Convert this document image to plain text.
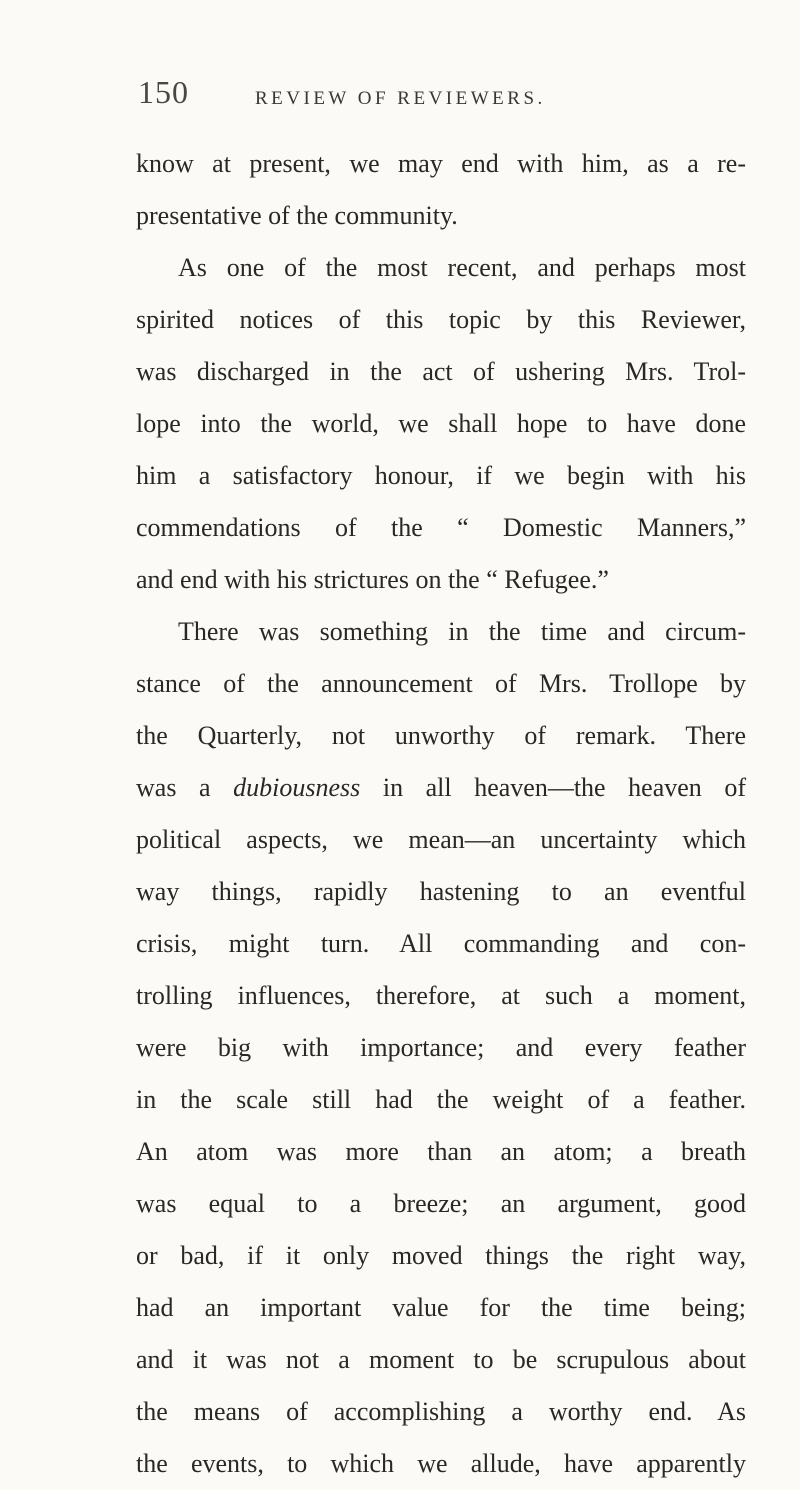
150	REVIEW OF REVIEWERS.
know at present, we may end with him, as a re-
presentative of the community.
As one of the most recent, and perhaps most
spirited notices of this topic by this Reviewer,
was discharged in the act of ushering Mrs. Trol-
lope into the world, we shall hope to have done
him a satisfactory honour, if we begin with his
commendations of the “ Domestic Manners,”
and end with his strictures on the “ Refugee.”
There was something in the time and circum-
stance of the announcement of Mrs. Trollope by
the Quarterly, not unworthy of remark. There
was a dubiousness in all heaven—the heaven of
political aspects, we mean—an uncertainty which
way things, rapidly hastening to an eventful
crisis, might turn. All commanding and con-
trolling influences, therefore, at such a moment,
were big with importance; and every feather
in the scale still had the weight of a feather.
An atom was more than an atom; a breath
was equal to a breeze; an argument, good
or bad, if it only moved things the right way,
had an important value for the time being;
and it was not a moment to be scrupulous about
the means of accomplishing a worthy end. As
the events, to which we allude, have apparently
